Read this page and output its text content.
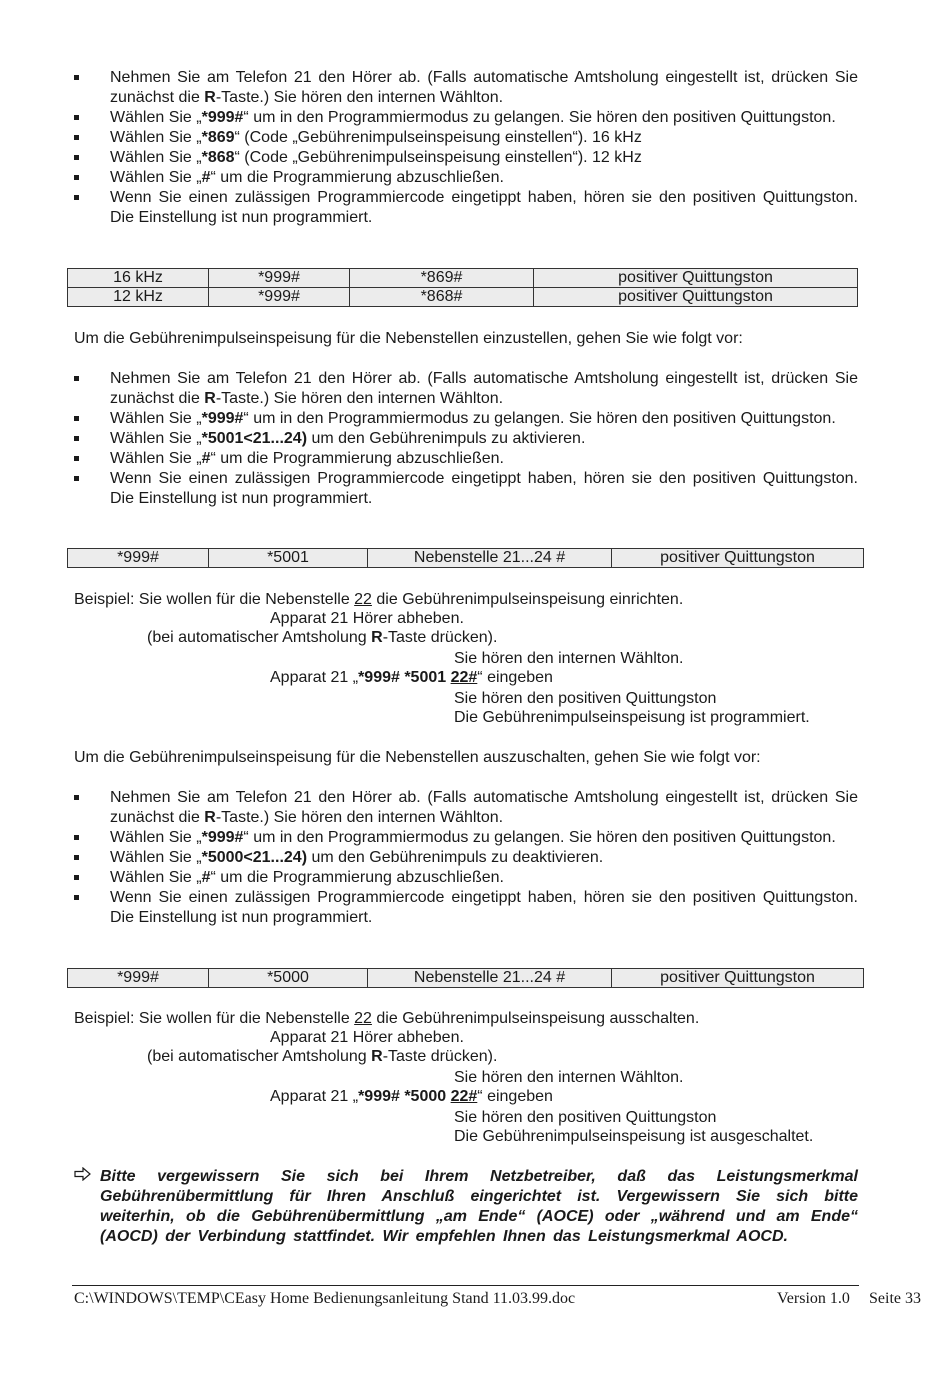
Nehmen Sie am Telefon 21 den Hörer ab. (Falls automatische Amtsholung eingestellt ist, drücken Sie zunächst die R-Taste.) Sie hören den internen Wählton.
Wählen Sie „*999#“ um in den Programmiermodus zu gelangen. Sie hören den positiven Quittungston.
Wählen Sie „*869“ (Code „Gebührenimpulseinspeisung einstellen“). 16 kHz
Wählen Sie „*868“ (Code „Gebührenimpulseinspeisung einstellen“). 12 kHz
Wählen Sie „#“ um die Programmierung abzuschließen.
Wenn Sie einen zulässigen Programmiercode eingetippt haben, hören sie den positiven Quittungston. Die Einstellung ist nun programmiert.
16 kHz	*999#	*869#	positiver Quittungston
12 kHz	*999#	*868#	positiver Quittungston
Um die Gebührenimpulseinspeisung für die Nebenstellen einzustellen, gehen Sie wie folgt vor:
Nehmen Sie am Telefon 21 den Hörer ab. (Falls automatische Amtsholung eingestellt ist, drücken Sie zunächst die R-Taste.) Sie hören den internen Wählton.
Wählen Sie „*999#“ um in den Programmiermodus zu gelangen. Sie hören den positiven Quittungston.
Wählen Sie „*5001<21...24) um den Gebührenimpuls zu aktivieren.
Wählen Sie „#“ um die Programmierung abzuschließen.
Wenn Sie einen zulässigen Programmiercode eingetippt haben, hören sie den positiven Quittungston. Die Einstellung ist nun programmiert.
*999#	*5001	Nebenstelle 21...24 #	positiver Quittungston
Beispiel: Sie wollen für die Nebenstelle 22 die Gebührenimpulseinspeisung einrichten.
Apparat 21 Hörer abheben.
(bei automatischer Amtsholung R-Taste drücken).
Sie hören den internen Wählton.
Apparat 21 „*999# *5001 22#“ eingeben
Sie hören den positiven Quittungston
Die Gebührenimpulseinspeisung ist programmiert.
Um die Gebührenimpulseinspeisung für die Nebenstellen auszuschalten, gehen Sie wie folgt vor:
Nehmen Sie am Telefon 21 den Hörer ab. (Falls automatische Amtsholung eingestellt ist, drücken Sie zunächst die R-Taste.) Sie hören den internen Wählton.
Wählen Sie „*999#“ um in den Programmiermodus zu gelangen. Sie hören den positiven Quittungston.
Wählen Sie „*5000<21...24) um den Gebührenimpuls zu deaktivieren.
Wählen Sie „#“ um die Programmierung abzuschließen.
Wenn Sie einen zulässigen Programmiercode eingetippt haben, hören sie den positiven Quittungston. Die Einstellung ist nun programmiert.
*999#	*5000	Nebenstelle 21...24 #	positiver Quittungston
Beispiel: Sie wollen für die Nebenstelle 22 die Gebührenimpulseinspeisung ausschalten.
Apparat 21 Hörer abheben.
(bei automatischer Amtsholung R-Taste drücken).
Sie hören den internen Wählton.
Apparat 21 „*999# *5000 22#“ eingeben
Sie hören den positiven Quittungston
Die Gebührenimpulseinspeisung ist ausgeschaltet.
Bitte vergewissern Sie sich bei Ihrem Netzbetreiber, daß das Leistungsmerkmal Gebührenübermittlung für Ihren Anschluß eingerichtet ist. Vergewissern Sie sich bitte weiterhin, ob die Gebührenübermittlung „am Ende“ (AOCE) oder „während und am Ende“ (AOCD) der Verbindung stattfindet. Wir empfehlen Ihnen das Leistungsmerkmal AOCD.
C:\WINDOWS\TEMP\CEasy Home Bedienungsanleitung Stand 11.03.99.doc	Version 1.0 Seite 33
